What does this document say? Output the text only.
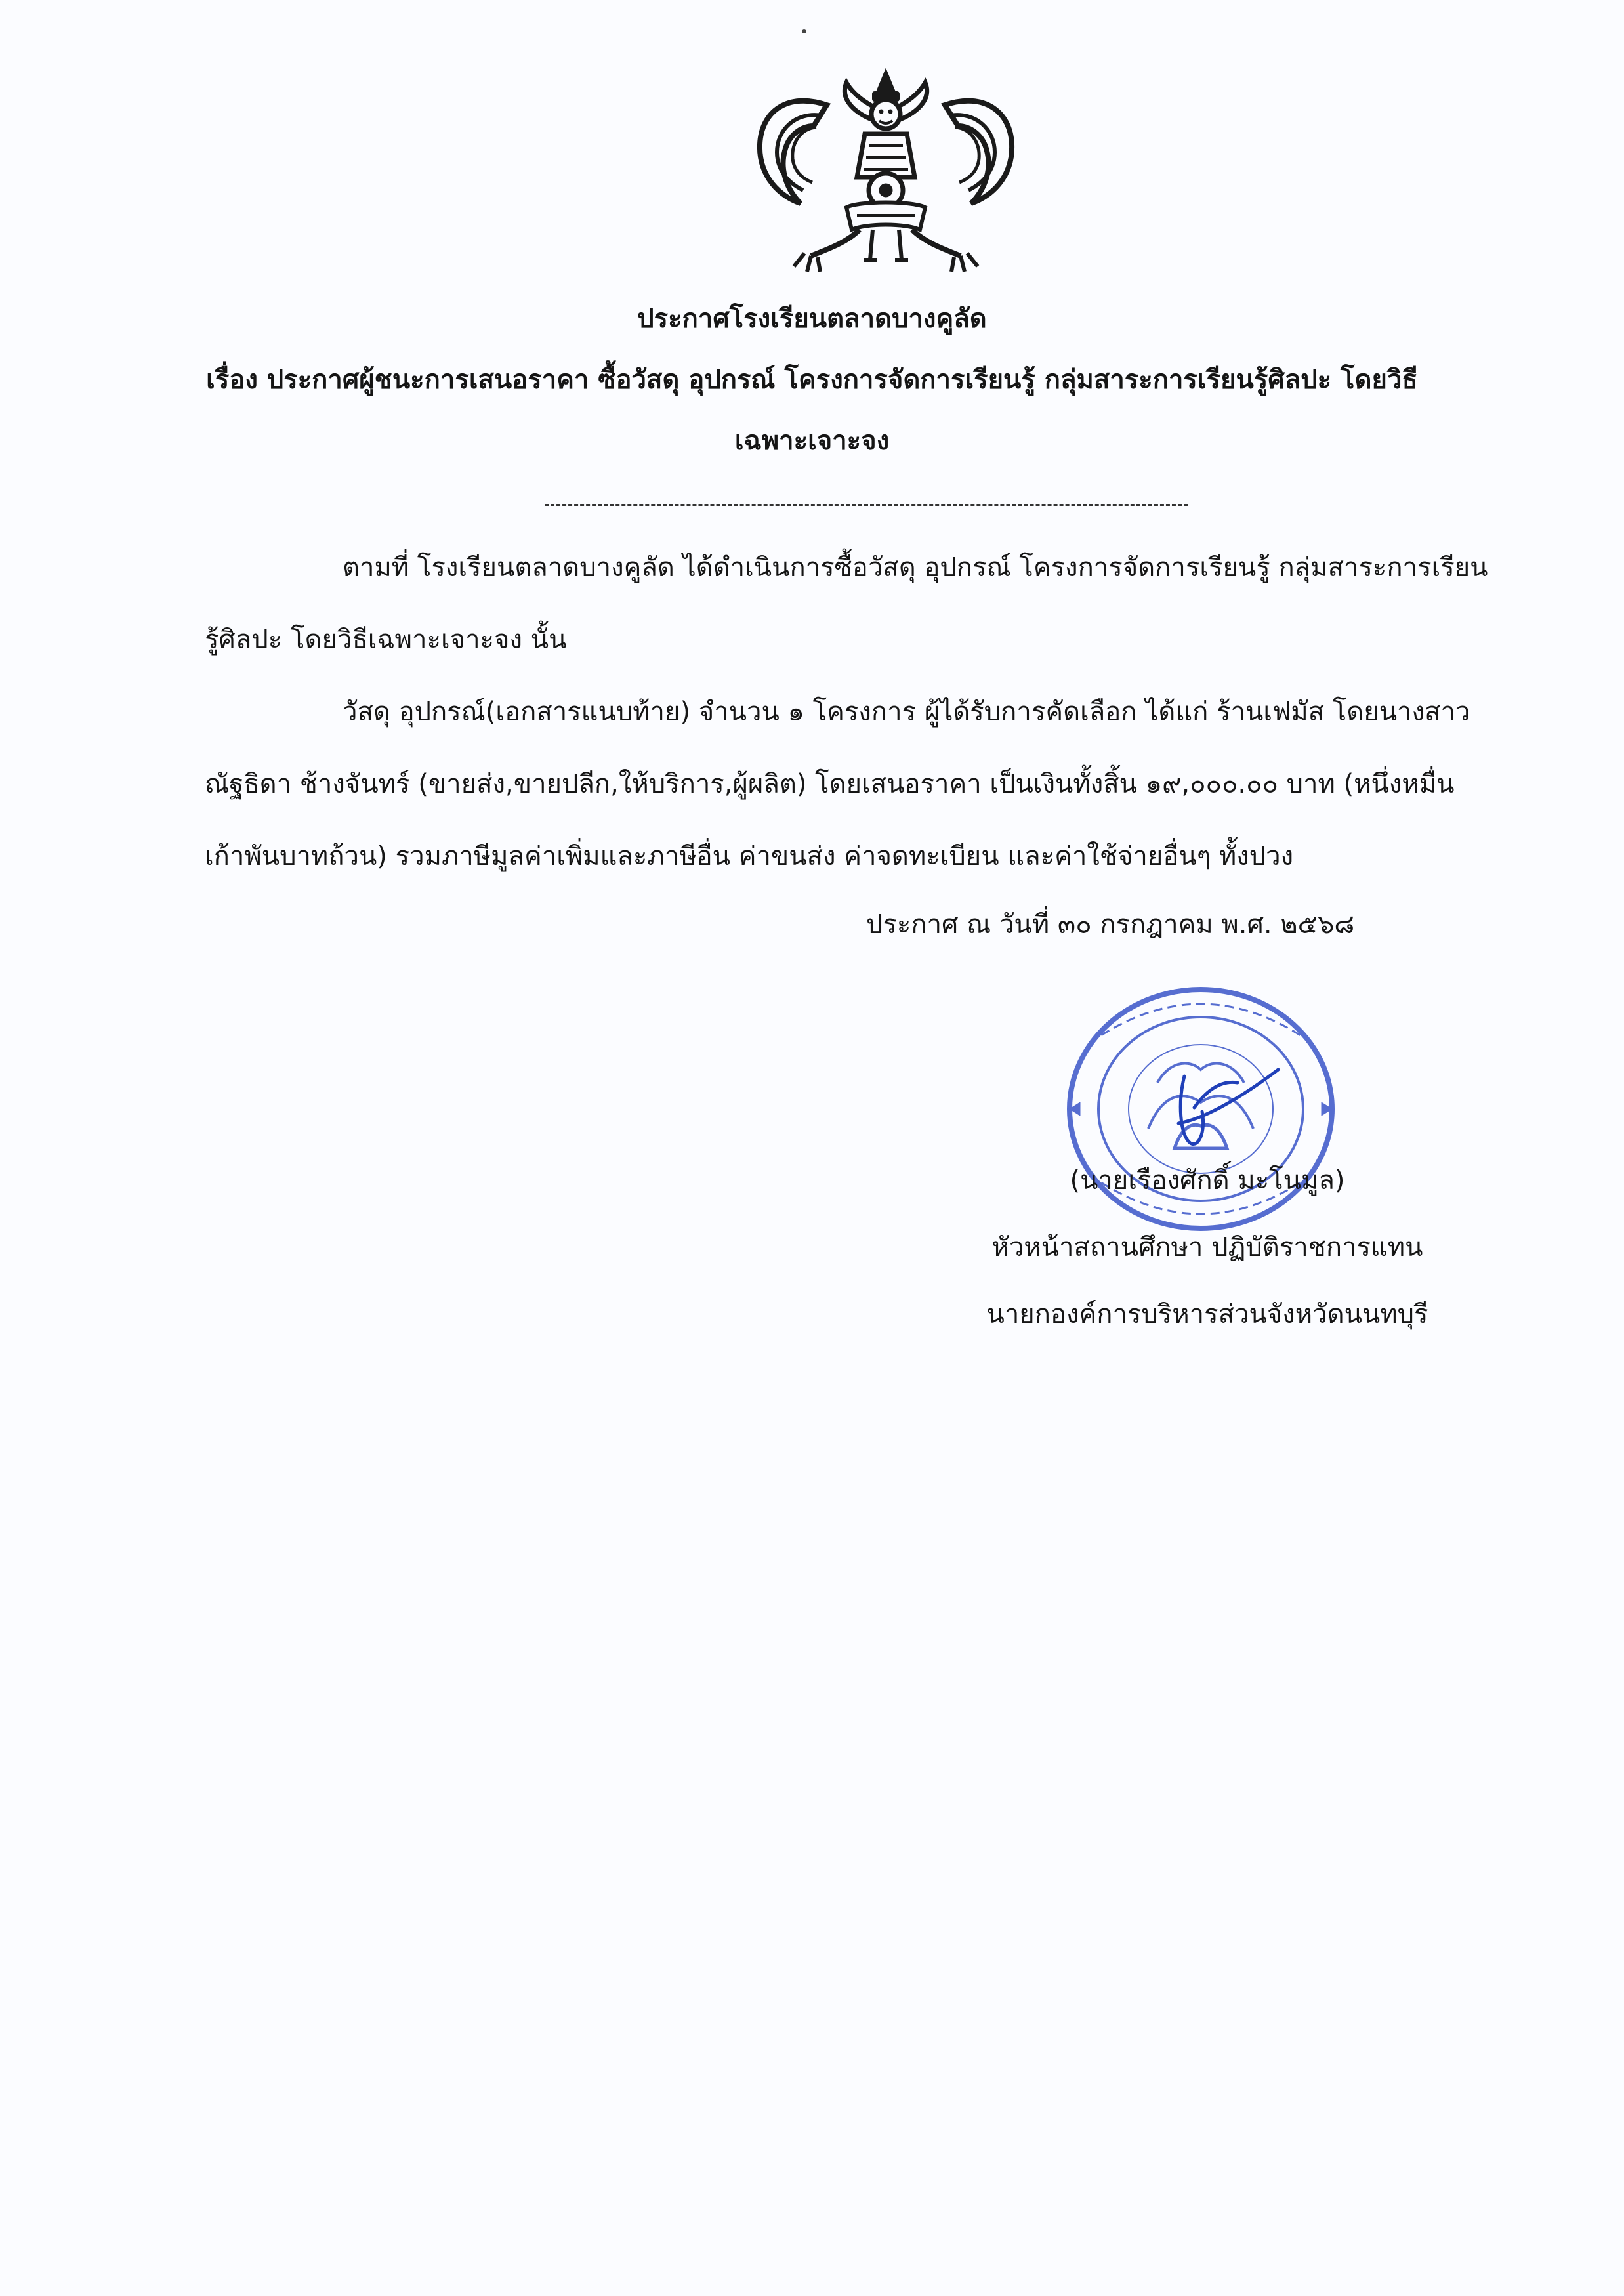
ประกาศโรงเรียนตลาดบางคูลัด
เรื่อง ประกาศผู้ชนะการเสนอราคา ซื้อวัสดุ อุปกรณ์ โครงการจัดการเรียนรู้ กลุ่มสาระการเรียนรู้ศิลปะ โดยวิธี
เฉพาะเจาะจง
ตามที่ โรงเรียนตลาดบางคูลัด ได้ดำเนินการซื้อวัสดุ อุปกรณ์ โครงการจัดการเรียนรู้ กลุ่มสาระการเรียนรู้ศิลปะ โดยวิธีเฉพาะเจาะจง นั้น
วัสดุ อุปกรณ์(เอกสารแนบท้าย) จำนวน ๑ โครงการ ผู้ได้รับการคัดเลือก ได้แก่ ร้านเฟมัส โดยนางสาวณัฐธิดา ช้างจันทร์ (ขายส่ง,ขายปลีก,ให้บริการ,ผู้ผลิต) โดยเสนอราคา เป็นเงินทั้งสิ้น ๑๙,๐๐๐.๐๐ บาท (หนึ่งหมื่นเก้าพันบาทถ้วน) รวมภาษีมูลค่าเพิ่มและภาษีอื่น ค่าขนส่ง ค่าจดทะเบียน และค่าใช้จ่ายอื่นๆ ทั้งปวง
ประกาศ ณ วันที่ ๓๐ กรกฎาคม พ.ศ. ๒๕๖๘
(นายเรืองศักดิ์ มะโนมูล)
หัวหน้าสถานศึกษา ปฏิบัติราชการแทน
นายกองค์การบริหารส่วนจังหวัดนนทบุรี
